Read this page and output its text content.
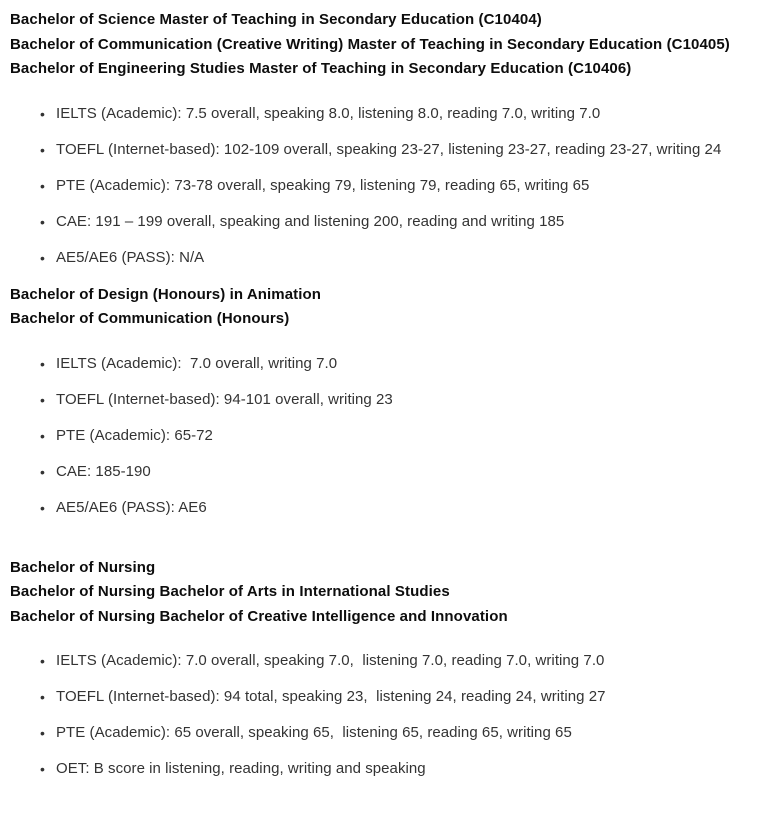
Bachelor of Science Master of Teaching in Secondary Education (C10404)
Bachelor of Communication (Creative Writing) Master of Teaching in Secondary Education (C10405)
Bachelor of Engineering Studies Master of Teaching in Secondary Education (C10406)
• IELTS (Academic): 7.5 overall, speaking 8.0, listening 8.0, reading 7.0, writing 7.0
• TOEFL (Internet-based): 102-109 overall, speaking 23-27, listening 23-27, reading 23-27, writing 24
• PTE (Academic): 73-78 overall, speaking 79, listening 79, reading 65, writing 65
• CAE: 191 – 199 overall, speaking and listening 200, reading and writing 185
• AE5/AE6 (PASS): N/A
Bachelor of Design (Honours) in Animation
Bachelor of Communication (Honours)
• IELTS (Academic):  7.0 overall, writing 7.0
• TOEFL (Internet-based): 94-101 overall, writing 23
• PTE (Academic): 65-72
• CAE: 185-190
• AE5/AE6 (PASS): AE6
Bachelor of Nursing
Bachelor of Nursing Bachelor of Arts in International Studies
Bachelor of Nursing Bachelor of Creative Intelligence and Innovation
• IELTS (Academic): 7.0 overall, speaking 7.0,  listening 7.0, reading 7.0, writing 7.0
• TOEFL (Internet-based): 94 total, speaking 23,  listening 24, reading 24, writing 27
• PTE (Academic): 65 overall, speaking 65,  listening 65, reading 65, writing 65
• OET: B score in listening, reading, writing and speaking
